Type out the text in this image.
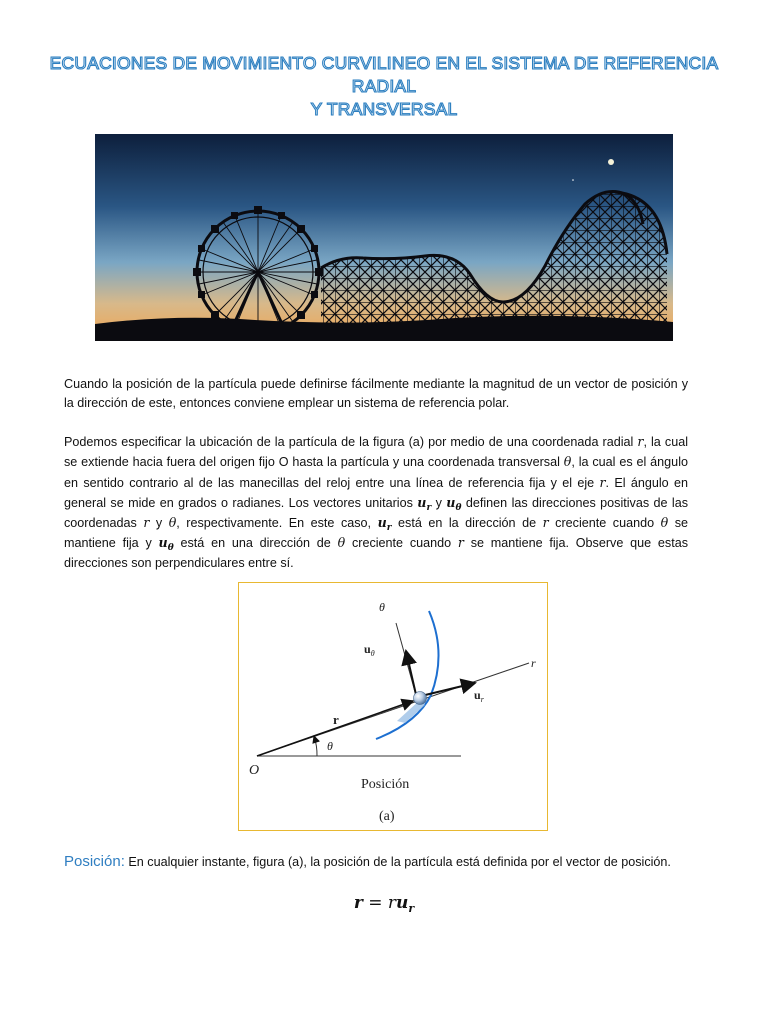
ECUACIONES DE MOVIMIENTO CURVILINEO EN EL SISTEMA DE REFERENCIA RADIAL
Y TRANSVERSAL

Cuando la posición de la partícula puede definirse fácilmente mediante la magnitud de un vector de posición y la dirección de este, entonces conviene emplear un sistema de referencia polar.

Podemos especificar la ubicación de la partícula de la figura (a) por medio de una coordenada radial r, la cual se extiende hacia fuera del origen fijo O hasta la partícula y una coordenada transversal θ, la cual es el ángulo en sentido contrario al de las manecillas del reloj entre una línea de referencia fija y el eje r. El ángulo en general se mide en grados o radianes. Los vectores unitarios $u_r$ y $u_\theta$ definen las direcciones positivas de las coordenadas r y θ, respectivamente. En este caso, $u_r$ está en la dirección de r creciente cuando θ se mantiene fija y $u_\theta$ está en una dirección de θ creciente cuando r se mantiene fija. Observe que estas direcciones son perpendiculares entre sí.

θ
$u_\theta$
r
$u_r$
r
θ
O
Posición
(a)

Posición: En cualquier instante, figura (a), la posición de la partícula está definida por el vector de posición.

$r = ru_r$
